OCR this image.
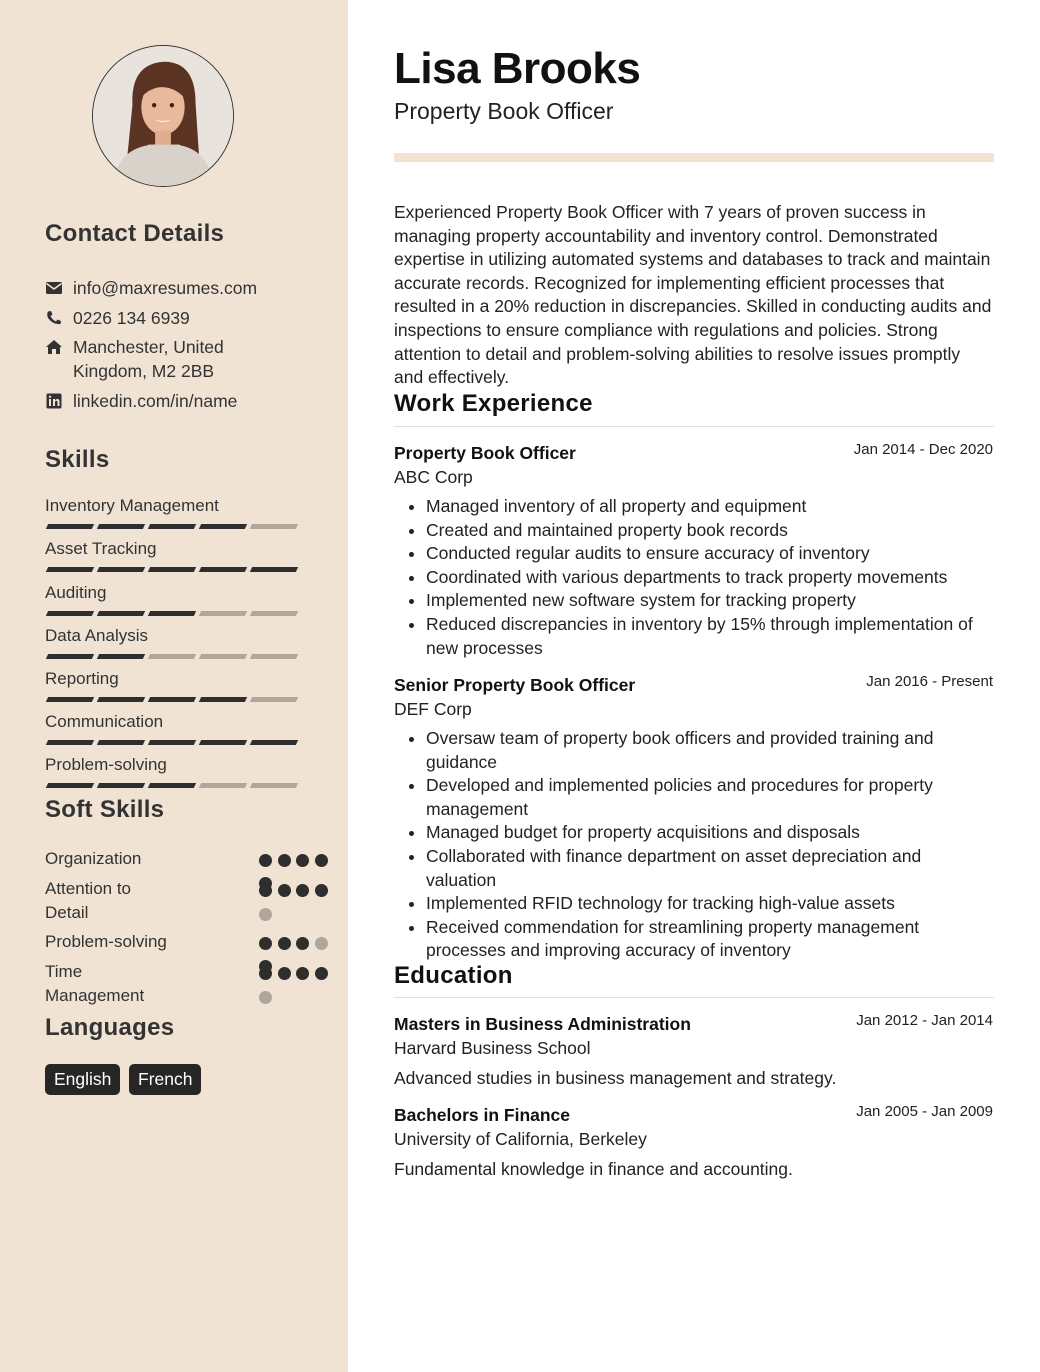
Contact Details
info@maxresumes.com
0226 134 6939
Manchester, United Kingdom, M2 2BB
linkedin.com/in/name
Skills
Inventory Management
Asset Tracking
Auditing
Data Analysis
Reporting
Communication
Problem-solving
Soft Skills
Organization
Attention to Detail
Problem-solving
Time Management
Languages
English	French
Lisa Brooks
Property Book Officer

Experienced Property Book Officer with 7 years of proven success in managing property accountability and inventory control. Demonstrated expertise in utilizing automated systems and databases to track and maintain accurate records. Recognized for implementing efficient processes that resulted in a 20% reduction in discrepancies. Skilled in conducting audits and inspections to ensure compliance with regulations and policies. Strong attention to detail and problem-solving abilities to resolve issues promptly and effectively.

Work Experience
Property Book Officer	Jan 2014 - Dec 2020
ABC Corp
• Managed inventory of all property and equipment
• Created and maintained property book records
• Conducted regular audits to ensure accuracy of inventory
• Coordinated with various departments to track property movements
• Implemented new software system for tracking property
• Reduced discrepancies in inventory by 15% through implementation of new processes
Senior Property Book Officer	Jan 2016 - Present
DEF Corp
• Oversaw team of property book officers and provided training and guidance
• Developed and implemented policies and procedures for property management
• Managed budget for property acquisitions and disposals
• Collaborated with finance department on asset depreciation and valuation
• Implemented RFID technology for tracking high-value assets
• Received commendation for streamlining property management processes and improving accuracy of inventory
Education
Masters in Business Administration	Jan 2012 - Jan 2014
Harvard Business School
Advanced studies in business management and strategy.
Bachelors in Finance	Jan 2005 - Jan 2009
University of California, Berkeley
Fundamental knowledge in finance and accounting.
